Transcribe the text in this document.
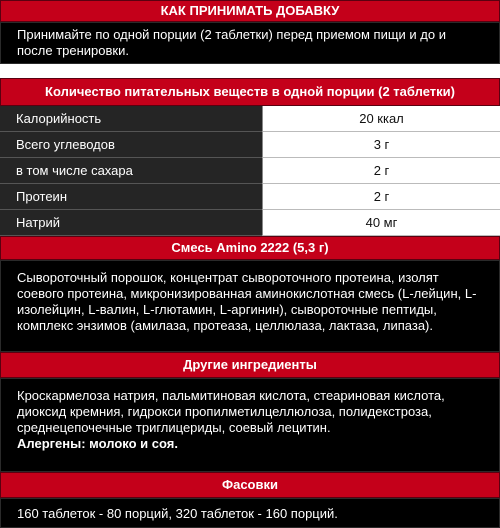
КАК ПРИНИМАТЬ ДОБАВКУ
Принимайте по одной порции (2 таблетки) перед приемом пищи и до и после тренировки.
Количество питательных веществ в одной порции (2 таблетки)
Калорийность	20 ккал
Всего углеводов	3 г
в том числе сахара	2 г
Протеин	2 г
Натрий	40 мг
Смесь Amino 2222 (5,3 г)
Сывороточный порошок, концентрат сывороточного протеина, изолят соевого протеина, микронизированная аминокислотная смесь (L-лейцин, L-изолейцин, L-валин, L-глютамин, L-аргинин), сывороточные пептиды, комплекс энзимов (амилаза, протеаза, целлюлаза, лактаза, липаза).
Другие ингредиенты
Кроскармелоза натрия, пальмитиновая кислота, стеариновая кислота, диоксид кремния, гидрокси пропилметилцеллюлоза, полидекстроза, среднецепочечные триглицериды, соевый лецитин.
Алергены: молоко и соя.
Фасовки
160 таблеток - 80 порций, 320 таблеток - 160 порций.
